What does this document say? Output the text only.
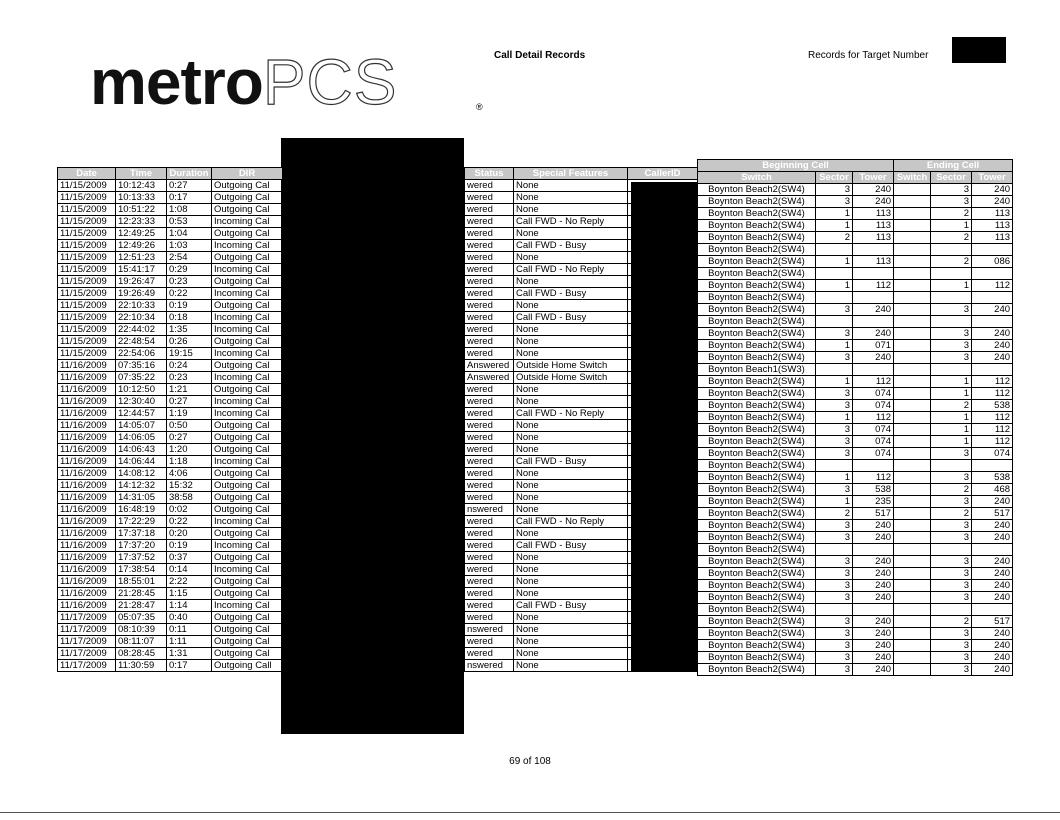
metroPCS	®
Call Detail Records	Records for Target Number
Date	Time	Duration	DIR
11/15/2009	10:12:43	0:27	Outgoing Cal
11/15/2009	10:13:33	0:17	Outgoing Cal
11/15/2009	10:51:22	1:08	Outgoing Cal
11/15/2009	12:23:33	0:53	Incoming Cal
11/15/2009	12:49:25	1:04	Outgoing Cal
11/15/2009	12:49:26	1:03	Incoming Cal
11/15/2009	12:51:23	2:54	Outgoing Cal
11/15/2009	15:41:17	0:29	Incoming Cal
11/15/2009	19:26:47	0:23	Outgoing Cal
11/15/2009	19:26:49	0:22	Incoming Cal
11/15/2009	22:10:33	0:19	Outgoing Cal
11/15/2009	22:10:34	0:18	Incoming Cal
11/15/2009	22:44:02	1:35	Incoming Cal
11/15/2009	22:48:54	0:26	Outgoing Cal
11/15/2009	22:54:06	19:15	Incoming Cal
11/16/2009	07:35:16	0:24	Outgoing Cal
11/16/2009	07:35:22	0:23	Incoming Cal
11/16/2009	10:12:50	1:21	Outgoing Cal
11/16/2009	12:30:40	0:27	Incoming Cal
11/16/2009	12:44:57	1:19	Incoming Cal
11/16/2009	14:05:07	0:50	Outgoing Cal
11/16/2009	14:06:05	0:27	Outgoing Cal
11/16/2009	14:06:43	1:20	Outgoing Cal
11/16/2009	14:06:44	1:18	Incoming Cal
11/16/2009	14:08:12	4:06	Outgoing Cal
11/16/2009	14:12:32	15:32	Outgoing Cal
11/16/2009	14:31:05	38:58	Outgoing Cal
11/16/2009	16:48:19	0:02	Outgoing Cal
11/16/2009	17:22:29	0:22	Incoming Cal
11/16/2009	17:37:18	0:20	Outgoing Cal
11/16/2009	17:37:20	0:19	Incoming Cal
11/16/2009	17:37:52	0:37	Outgoing Cal
11/16/2009	17:38:54	0:14	Incoming Cal
11/16/2009	18:55:01	2:22	Outgoing Cal
11/16/2009	21:28:45	1:15	Outgoing Cal
11/16/2009	21:28:47	1:14	Incoming Cal
11/17/2009	05:07:35	0:40	Outgoing Cal
11/17/2009	08:10:39	0:11	Outgoing Cal
11/17/2009	08:11:07	1:11	Outgoing Cal
11/17/2009	08:28:45	1:31	Outgoing Cal
11/17/2009	11:30:59	0:17	Outgoing Call
Status	Special Features	CallerID
wered	None	
wered	None	
wered	None	
wered	Call FWD - No Reply	
wered	None	
wered	Call FWD - Busy	
wered	None	
wered	Call FWD - No Reply	
wered	None	
wered	Call FWD - Busy	
wered	None	
wered	Call FWD - Busy	
wered	None	
wered	None	
wered	None	
Answered	Outside Home Switch	
Answered	Outside Home Switch	
wered	None	
wered	None	
wered	Call FWD - No Reply	
wered	None	
wered	None	
wered	None	
wered	Call FWD - Busy	
wered	None	
wered	None	
wered	None	
nswered	None	
wered	Call FWD - No Reply	
wered	None	
wered	Call FWD - Busy	
wered	None	
wered	None	
wered	None	
wered	None	
wered	Call FWD - Busy	
wered	None	
nswered	None	
wered	None	
wered	None	
nswered	None	
Beginning Cell			Ending Cell		
Switch	Sector	Tower	Switch	Sector	Tower
Boynton Beach2(SW4)	3	240		3	240
Boynton Beach2(SW4)	3	240		3	240
Boynton Beach2(SW4)	1	113		2	113
Boynton Beach2(SW4)	1	113		1	113
Boynton Beach2(SW4)	2	113		2	113
Boynton Beach2(SW4)					
Boynton Beach2(SW4)	1	113		2	086
Boynton Beach2(SW4)					
Boynton Beach2(SW4)	1	112		1	112
Boynton Beach2(SW4)					
Boynton Beach2(SW4)	3	240		3	240
Boynton Beach2(SW4)					
Boynton Beach2(SW4)	3	240		3	240
Boynton Beach2(SW4)	1	071		3	240
Boynton Beach2(SW4)	3	240		3	240
Boynton Beach1(SW3)					
Boynton Beach2(SW4)	1	112		1	112
Boynton Beach2(SW4)	3	074		1	112
Boynton Beach2(SW4)	3	074		2	538
Boynton Beach2(SW4)	1	112		1	112
Boynton Beach2(SW4)	3	074		1	112
Boynton Beach2(SW4)	3	074		1	112
Boynton Beach2(SW4)	3	074		3	074
Boynton Beach2(SW4)					
Boynton Beach2(SW4)	1	112		3	538
Boynton Beach2(SW4)	3	538		2	468
Boynton Beach2(SW4)	1	235		3	240
Boynton Beach2(SW4)	2	517		2	517
Boynton Beach2(SW4)	3	240		3	240
Boynton Beach2(SW4)	3	240		3	240
Boynton Beach2(SW4)					
Boynton Beach2(SW4)	3	240		3	240
Boynton Beach2(SW4)	3	240		3	240
Boynton Beach2(SW4)	3	240		3	240
Boynton Beach2(SW4)	3	240		3	240
Boynton Beach2(SW4)					
Boynton Beach2(SW4)	3	240		2	517
Boynton Beach2(SW4)	3	240		3	240
Boynton Beach2(SW4)	3	240		3	240
Boynton Beach2(SW4)	3	240		3	240
Boynton Beach2(SW4)	3	240		3	240
69 of 108
